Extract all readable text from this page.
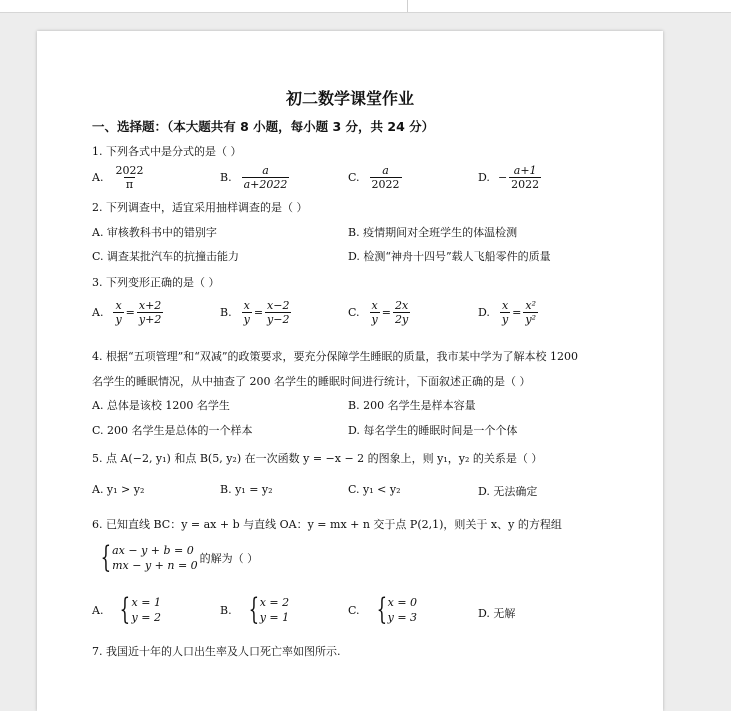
初二数学课堂作业
一、选择题：（本大题共有 8 小题，每小题 3 分，共 24 分）
1. 下列各式中是分式的是（ ）
A. $\frac{2022}{\pi}$	B. $\frac{a}{a+2022}$	C. $\frac{a}{2022}$	D. − $\frac{a+1}{2022}$
2. 下列调查中，适宜采用抽样调查的是（ ）
A. 审核教科书中的错别字	B. 疫情期间对全班学生的体温检测
C. 调查某批汽车的抗撞击能力	D. 检测“神舟十四号”载人飞船零件的质量
3. 下列变形正确的是（ ）
A. $\frac{x}{y} = \frac{x+2}{y+2}$	B. $\frac{x}{y} = \frac{x-2}{y-2}$	C. $\frac{x}{y} = \frac{2x}{2y}$	D. $\frac{x}{y} = \frac{\text{x²}}{\text{y²}}$
4. 根据“五项管理”和“双减”的政策要求，要充分保障学生睡眠的质量，我市某中学为了解本校 1200
名学生的睡眠情况，从中抽查了 200 名学生的睡眠时间进行统计，下面叙述正确的是（ ）
A. 总体是该校 1200 名学生	B. 200 名学生是样本容量
C. 200 名学生是总体的一个样本	D. 每名学生的睡眠时间是一个个体
5. 点 A(−2, y₁) 和点 B(5, y₂) 在一次函数 y = −x − 2 的图象上，则 y₁，y₂ 的关系是（ ）
A. y₁ > y₂	B. y₁ = y₂	C. y₁ < y₂	D. 无法确定
6. 已知直线 BC：y = ax + b 与直线 OA：y = mx + n 交于点 P(2,1)，则关于 x、y 的方程组
{ ax − y + b = 0
mx − y + n = 0
的解为（ ）
A. { x = 1
y = 2
B. { x = 2
y = 1
C. { x = 0
y = 3	D. 无解
7. 我国近十年的人口出生率及人口死亡率如图所示.
